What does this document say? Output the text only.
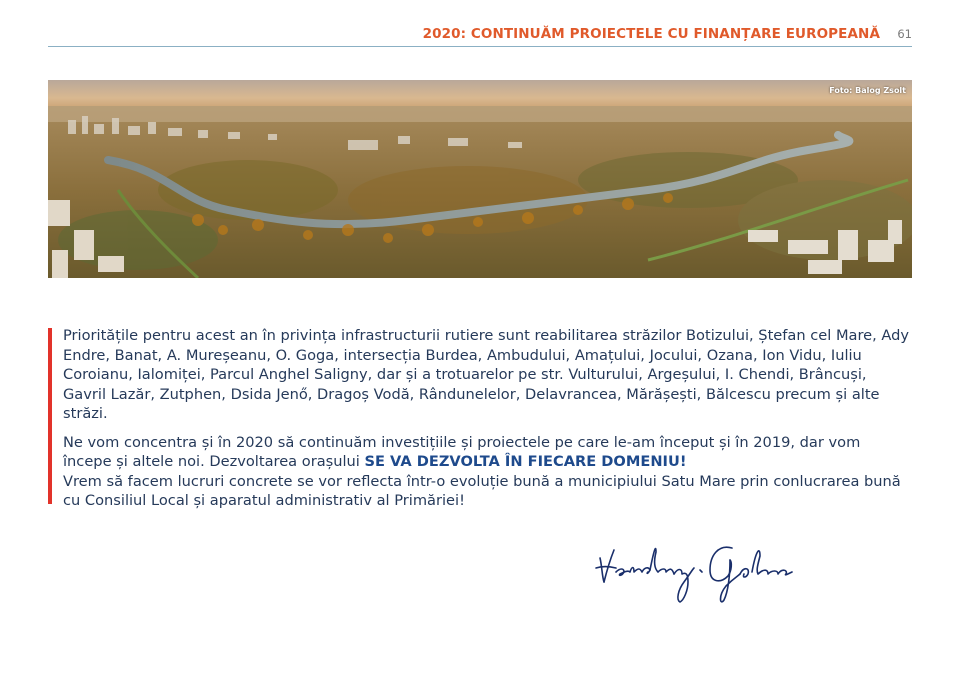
2020: CONTINUĂM PROIECTELE CU FINANȚARE EUROPEANĂ 61
Foto: Balog Zsolt

Prioritățile pentru acest an în privința infrastructurii rutiere sunt reabilitarea străzilor Botizului, Ștefan cel Mare, Ady Endre, Banat, A. Mureșeanu, O. Goga, intersecția Burdea, Ambudului, Amațului, Jocului, Ozana, Ion Vidu, Iuliu Coroianu, Ialomiței, Parcul Anghel Saligny, dar și a trotuarelor pe str. Vulturului, Argeșului, I. Chendi, Brâncuși, Gavril Lazăr, Zutphen, Dsida Jenő, Dragoș Vodă, Rândunelelor, Delavrancea, Mărășești, Bălcescu precum și alte străzi.

Ne vom concentra și în 2020 să continuăm investițiile și proiectele pe care le-am început și în 2019, dar vom începe și altele noi. Dezvoltarea orașului SE VA DEZVOLTA ÎN FIECARE DOMENIU!
Vrem să facem lucruri concrete se vor reflecta într-o evoluție bună a municipiului Satu Mare prin conlucrarea bună cu Consiliul Local și aparatul administrativ al Primăriei!
